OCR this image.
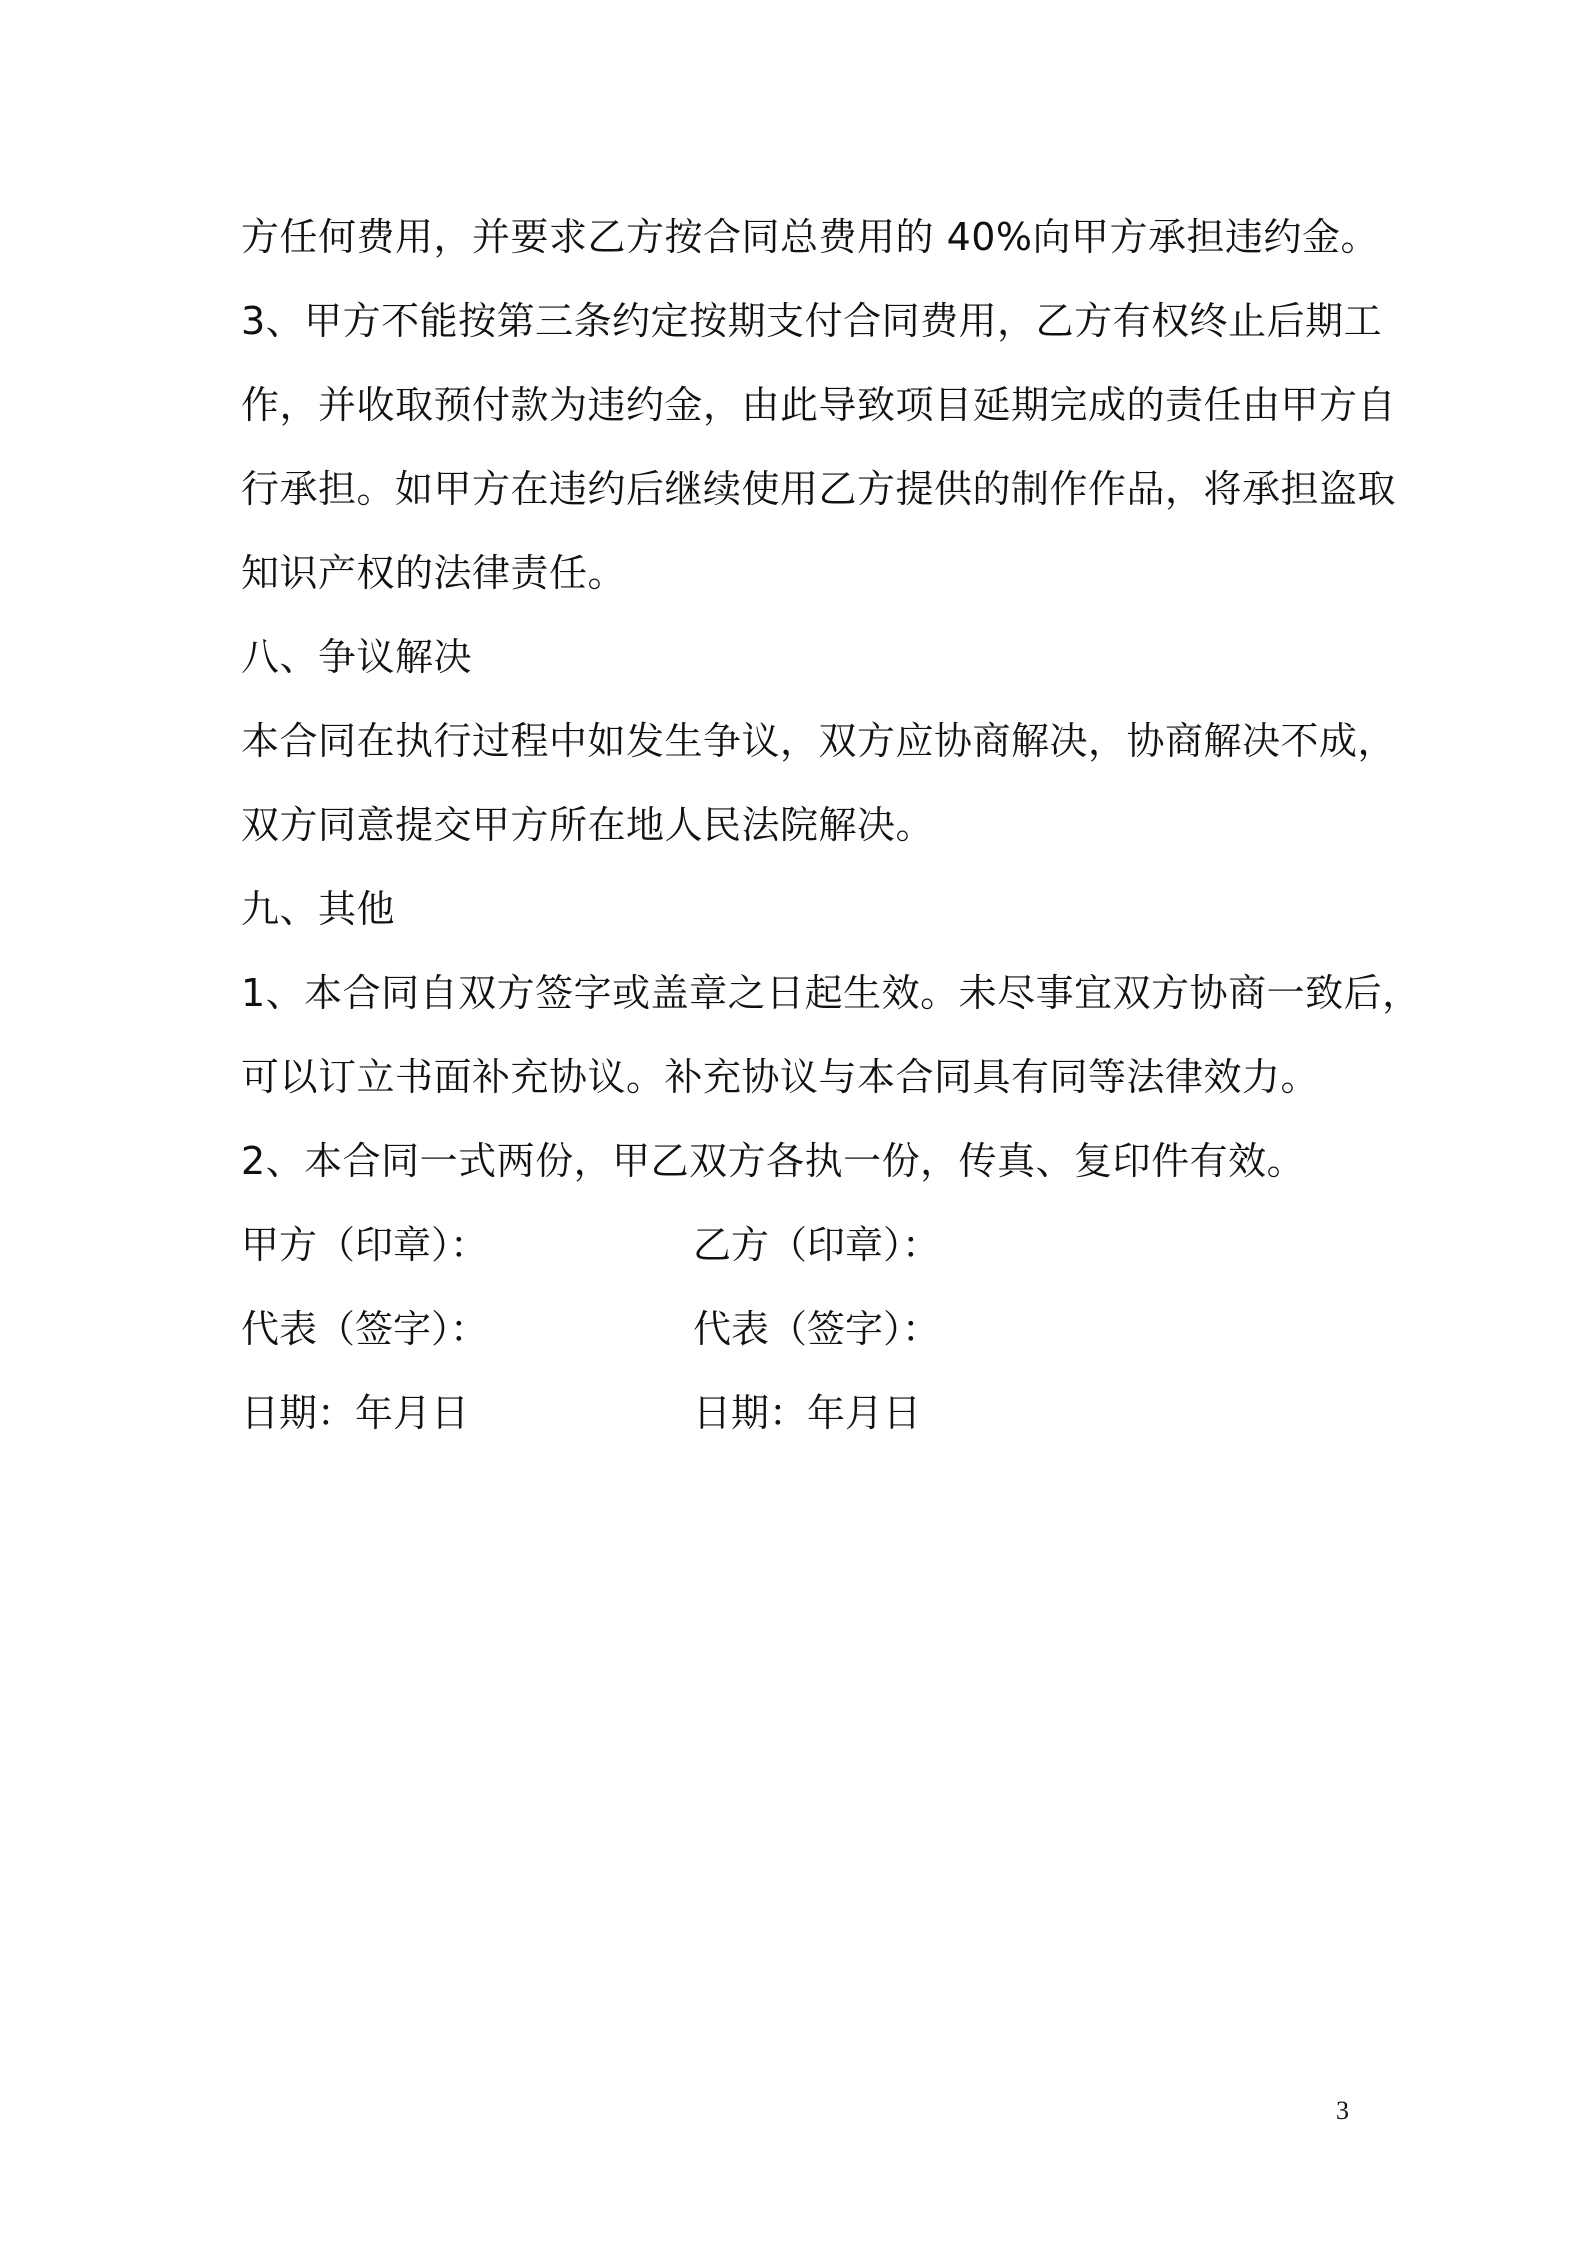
方任何费用，并要求乙方按合同总费用的 40%向甲方承担违约金。
3、甲方不能按第三条约定按期支付合同费用，乙方有权终止后期工
作，并收取预付款为违约金，由此导致项目延期完成的责任由甲方自
行承担。如甲方在违约后继续使用乙方提供的制作作品，将承担盗取
知识产权的法律责任。
八、争议解决
本合同在执行过程中如发生争议，双方应协商解决，协商解决不成，
双方同意提交甲方所在地人民法院解决。
九、其他
1、本合同自双方签字或盖章之日起生效。未尽事宜双方协商一致后，
可以订立书面补充协议。补充协议与本合同具有同等法律效力。
2、本合同一式两份，甲乙双方各执一份，传真、复印件有效。
甲方（印章）：	乙方（印章）：
代表（签字）：	代表（签字）：
日期：年月日	日期：年月日
3
